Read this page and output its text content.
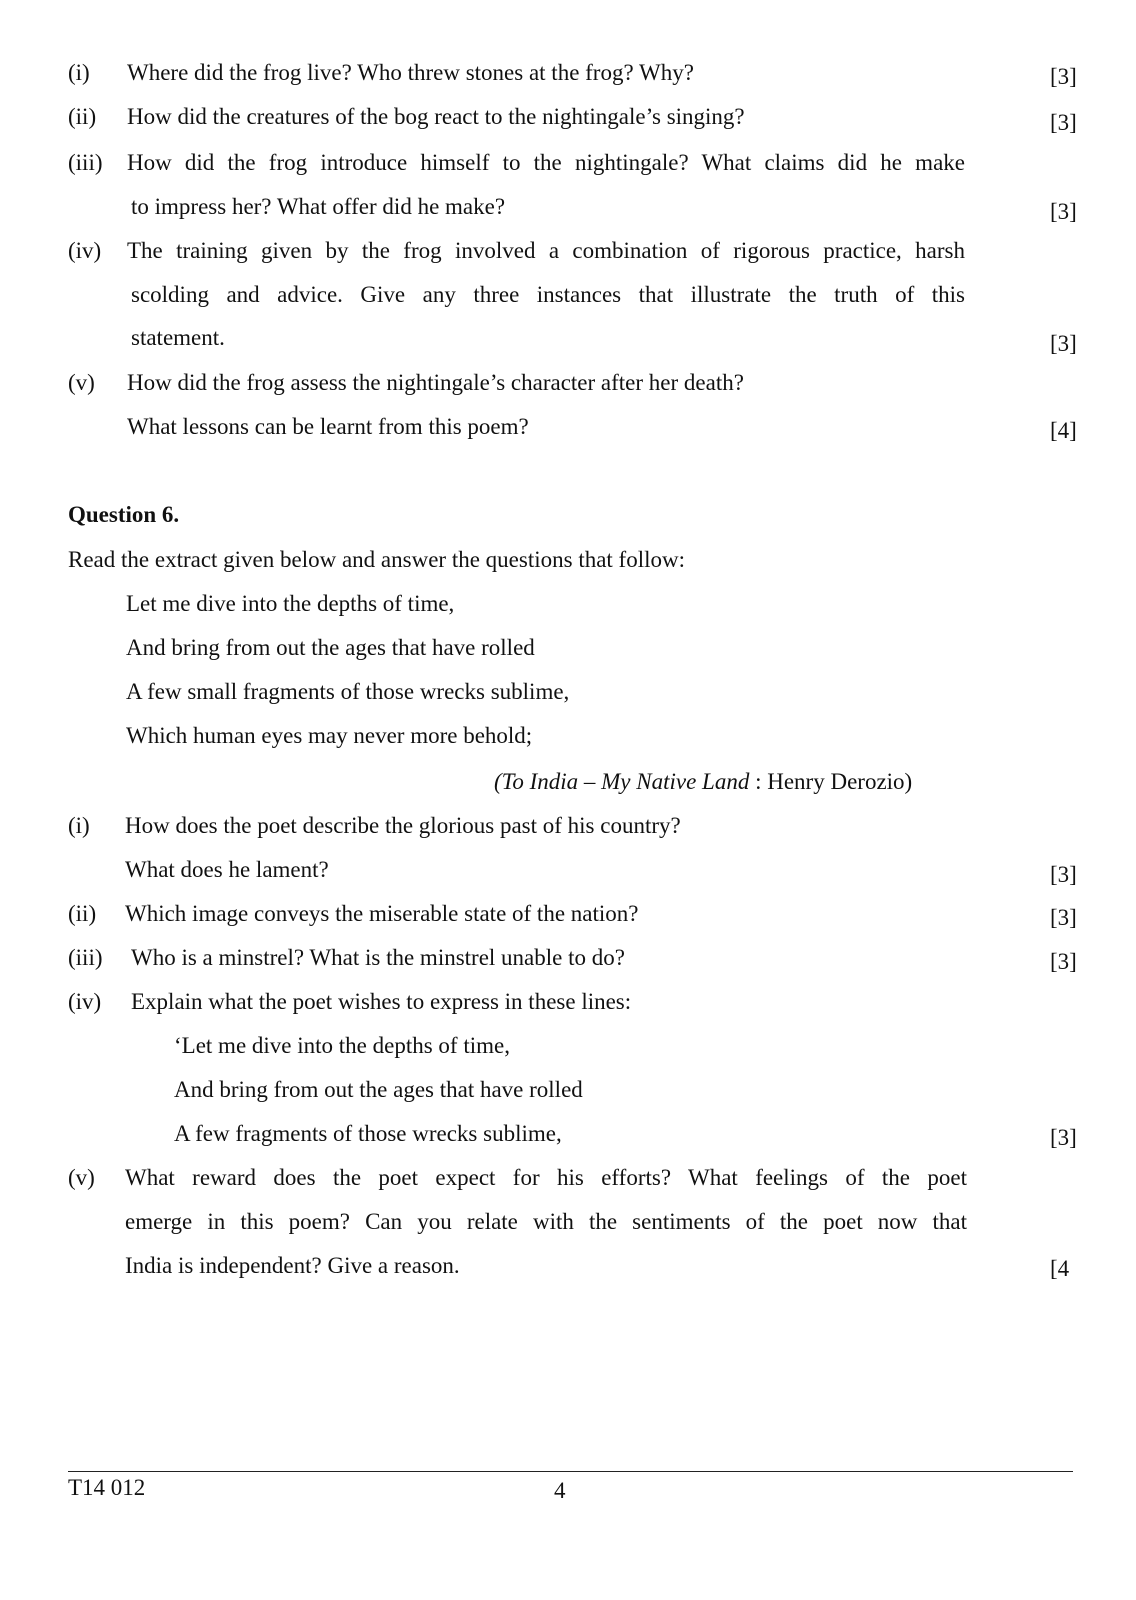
(i)	Where did the frog live? Who threw stones at the frog? Why?	[3]
(ii)	How did the creatures of the bog react to the nightingale’s singing?	[3]
(iii)	How did the frog introduce himself to the nightingale? What claims did he make
to impress her? What offer did he make?	[3]
(iv)	The training given by the frog involved a combination of rigorous practice, harsh
scolding and advice. Give any three instances that illustrate the truth of this
statement.	[3]
(v)	How did the frog assess the nightingale’s character after her death?
What lessons can be learnt from this poem?	[4]
Question 6.
Read the extract given below and answer the questions that follow:
Let me dive into the depths of time,
And bring from out the ages that have rolled
A few small fragments of those wrecks sublime,
Which human eyes may never more behold;
(To India – My Native Land : Henry Derozio)
(i)	How does the poet describe the glorious past of his country?
What does he lament?	[3]
(ii)	Which image conveys the miserable state of the nation?	[3]
(iii)	Who is a minstrel? What is the minstrel unable to do?	[3]
(iv)	Explain what the poet wishes to express in these lines:
‘Let me dive into the depths of time,
And bring from out the ages that have rolled
A few fragments of those wrecks sublime,	[3]
(v)	What reward does the poet expect for his efforts? What feelings of the poet
emerge in this poem? Can you relate with the sentiments of the poet now that
India is independent? Give a reason.	[4
T14 012	4
